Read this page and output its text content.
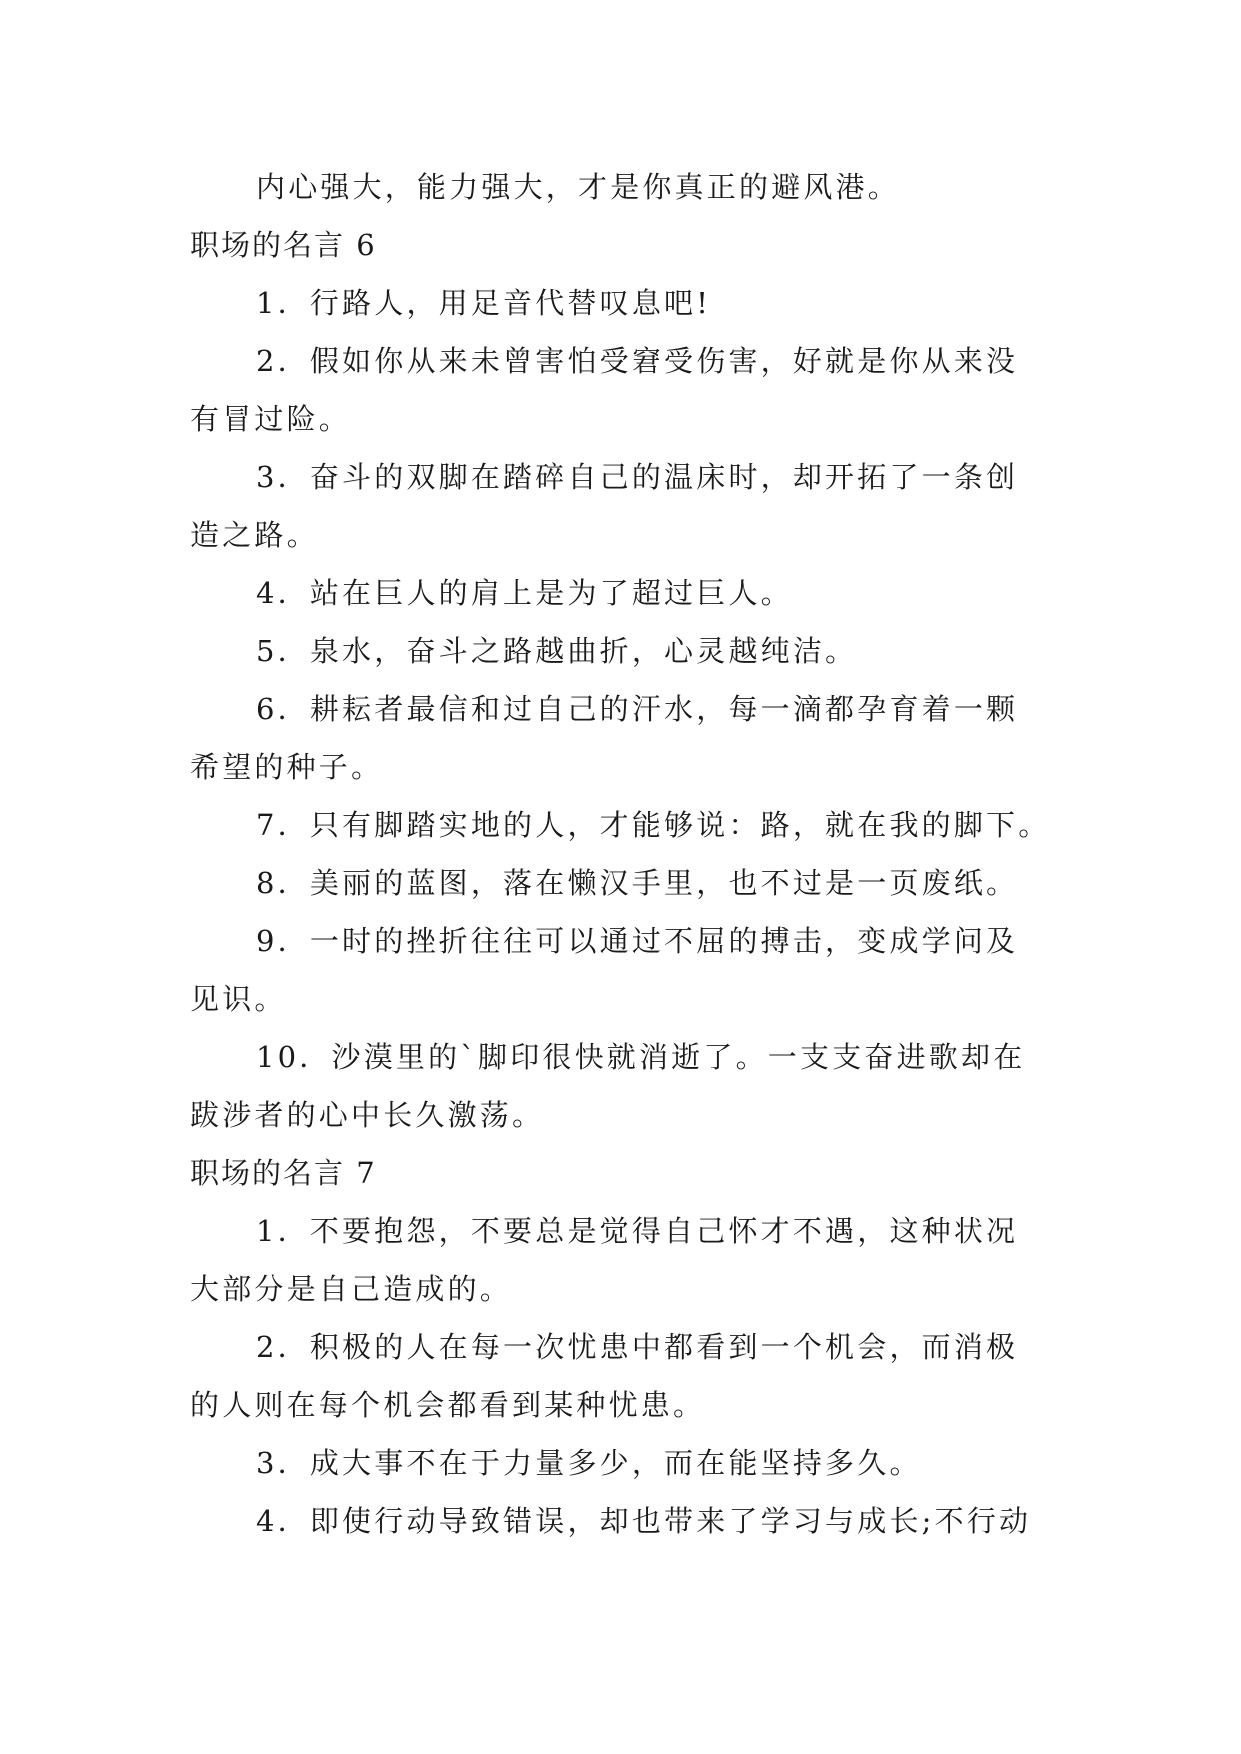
内心强大，能力强大，才是你真正的避风港。
职场的名言 6
1．行路人，用足音代替叹息吧!
2．假如你从来未曾害怕受窘受伤害，好就是你从来没
有冒过险。
3．奋斗的双脚在踏碎自己的温床时，却开拓了一条创
造之路。
4．站在巨人的肩上是为了超过巨人。
5．泉水，奋斗之路越曲折，心灵越纯洁。
6．耕耘者最信和过自己的汗水，每一滴都孕育着一颗
希望的种子。
7．只有脚踏实地的人，才能够说：路，就在我的脚下。
8．美丽的蓝图，落在懒汉手里，也不过是一页废纸。
9．一时的挫折往往可以通过不屈的搏击，变成学问及
见识。
10．沙漠里的`脚印很快就消逝了。一支支奋进歌却在
跋涉者的心中长久激荡。
职场的名言 7
1．不要抱怨，不要总是觉得自己怀才不遇，这种状况
大部分是自己造成的。
2．积极的人在每一次忧患中都看到一个机会，而消极
的人则在每个机会都看到某种忧患。
3．成大事不在于力量多少，而在能坚持多久。
4．即使行动导致错误，却也带来了学习与成长;不行动
